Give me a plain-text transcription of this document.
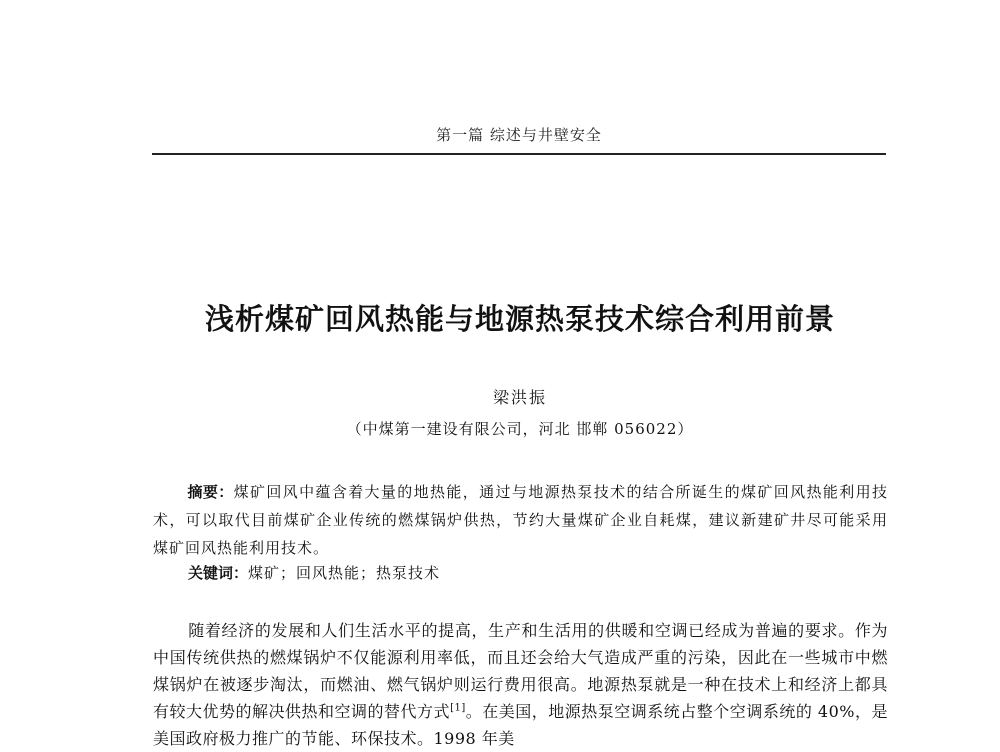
第一篇 综述与井壁安全
浅析煤矿回风热能与地源热泵技术综合利用前景
梁洪振
（中煤第一建设有限公司，河北 邯郸 056022）

摘要：煤矿回风中蕴含着大量的地热能，通过与地源热泵技术的结合所诞生的煤矿回风热能利用技术，可以取代目前煤矿企业传统的燃煤锅炉供热，节约大量煤矿企业自耗煤，建议新建矿井尽可能采用煤矿回风热能利用技术。

关键词：煤矿；回风热能；热泵技术

随着经济的发展和人们生活水平的提高，生产和生活用的供暖和空调已经成为普遍的要求。作为中国传统供热的燃煤锅炉不仅能源利用率低，而且还会给大气造成严重的污染，因此在一些城市中燃煤锅炉在被逐步淘汰，而燃油、燃气锅炉则运行费用很高。地源热泵就是一种在技术上和经济上都具有较大优势的解决供热和空调的替代方式[1]。在美国，地源热泵空调系统占整个空调系统的 40%，是美国政府极力推广的节能、环保技术。1998 年美
